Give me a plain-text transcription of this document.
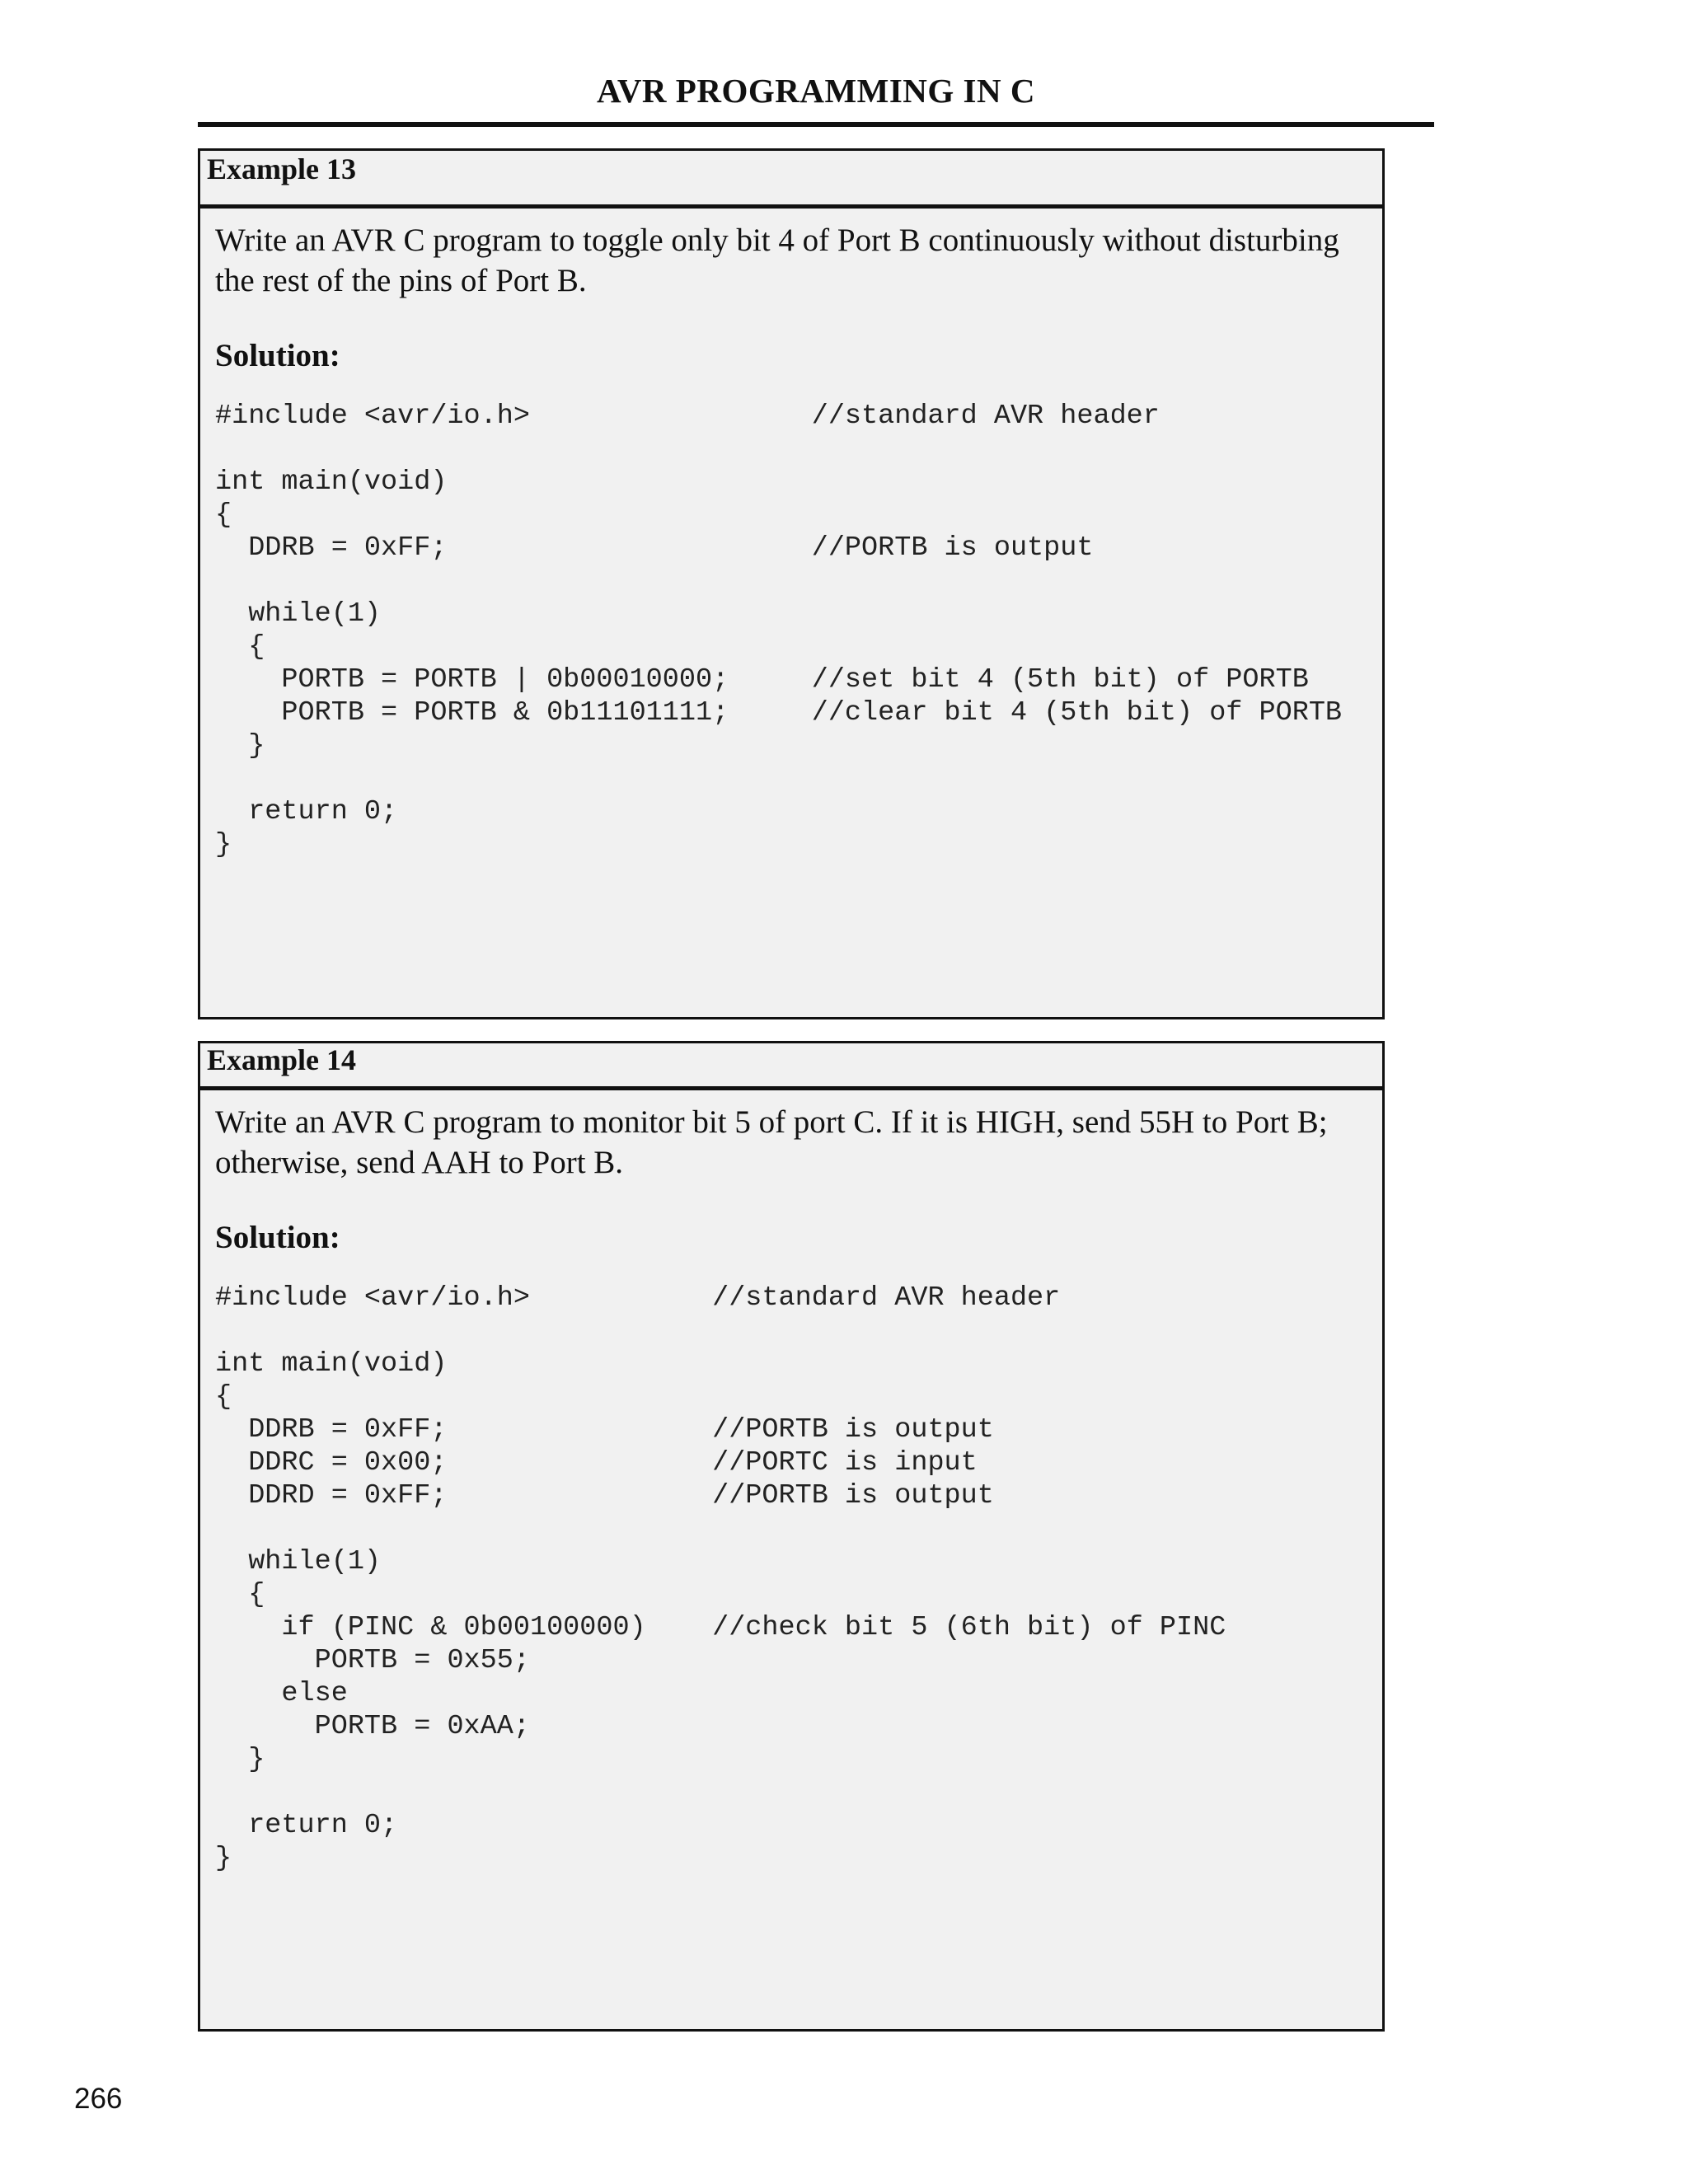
AVR PROGRAMMING IN C
Example 13
Write an AVR C program to toggle only bit 4 of Port B continuously without disturbing the rest of the pins of Port B.
Solution:
#include <avr/io.h>                 //standard AVR header
int main(void)
{
DDRB = 0xFF;                      //PORTB is output
while(1)
{
PORTB = PORTB | 0b00010000;     //set bit 4 (5th bit) of PORTB
PORTB = PORTB & 0b11101111;     //clear bit 4 (5th bit) of PORTB
}
return 0;
}
Example 14
Write an AVR C program to monitor bit 5 of port C. If it is HIGH, send 55H to Port B;
otherwise, send AAH to Port B.
Solution:
#include <avr/io.h>           //standard AVR header
int main(void)
{
DDRB = 0xFF;                //PORTB is output
DDRC = 0x00;                //PORTC is input
DDRD = 0xFF;                //PORTB is output
while(1)
{
if (PINC & 0b00100000)    //check bit 5 (6th bit) of PINC
PORTB = 0x55;
else
PORTB = 0xAA;
}
return 0;
}
266
